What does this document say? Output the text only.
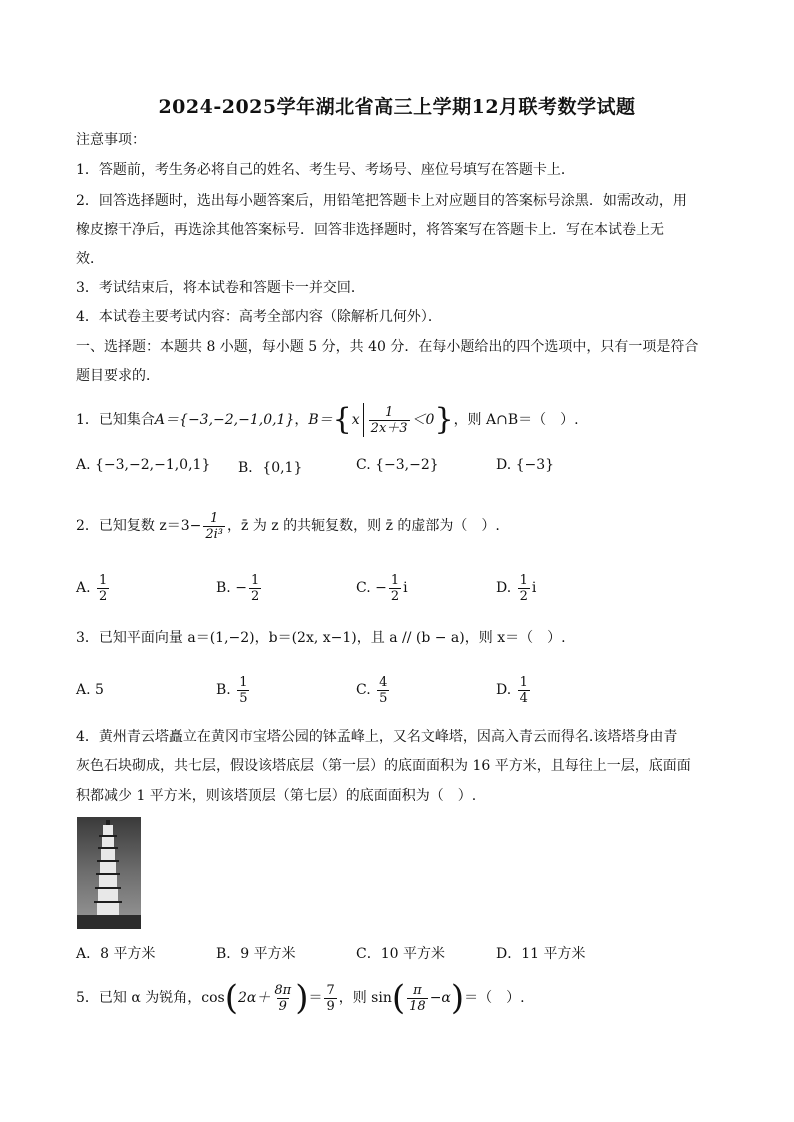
2024-2025学年湖北省高三上学期12月联考数学试题
注意事项：
1．答题前，考生务必将自己的姓名、考生号、考场号、座位号填写在答题卡上．
2．回答选择题时，选出每小题答案后，用铅笔把答题卡上对应题目的答案标号涂黑．如需改动，用
橡皮擦干净后，再选涂其他答案标号．回答非选择题时，将答案写在答题卡上．写在本试卷上无
效．
3．考试结束后，将本试卷和答题卡一并交回．
4．本试卷主要考试内容：高考全部内容（除解析几何外）．
一、选择题：本题共 8 小题，每小题 5 分，共 40 分．在每小题给出的四个选项中，只有一项是符合
题目要求的．
1．已知集合 A＝{−3,−2,−1,0,1} ， B＝ { x $\frac{1}{2x+3} <0$ } ，则 A∩B＝（　）.
A. {−3,−2,−1,0,1} B．{0,1}	C. {−3,−2}	D. {−3}
2．已知复数 $z=3- \frac{1}{\text{2i³}}$ ，z̄ 为 z 的共轭复数，则 z̄ 的虚部为（　）.
A.
$\frac{1}{2}$	B.
− $\frac{1}{2}$	C.
− $\frac{1}{2}$ i	D.
$\frac{1}{2}$ i
3．已知平面向量 a＝(1,−2)，b＝(2x, x−1)，且 a // (b − a)，则 x＝（　）.
A.
5	B.
$\frac{1}{5}$	C.
$\frac{4}{5}$	D.
$\frac{1}{4}$
4．黄州青云塔矗立在黄冈市宝塔公园的钵孟峰上，又名文峰塔，因高入青云而得名.该塔塔身由青
灰色石块砌成，共七层，假设该塔底层（第一层）的底面面积为 16 平方米，且每往上一层，底面面
积都减少 1 平方米，则该塔顶层（第七层）的底面面积为（　）.
A．8 平方米	B．9 平方米	C．10 平方米	D．11 平方米
5．已知 α 为锐角，cos ( $2\alpha+ \frac{8\pi}{9}$ ) ＝ $\frac{7}{9}$ ，则 sin ( $\frac{\pi}{18} -\alpha$ ) ＝（　）.
